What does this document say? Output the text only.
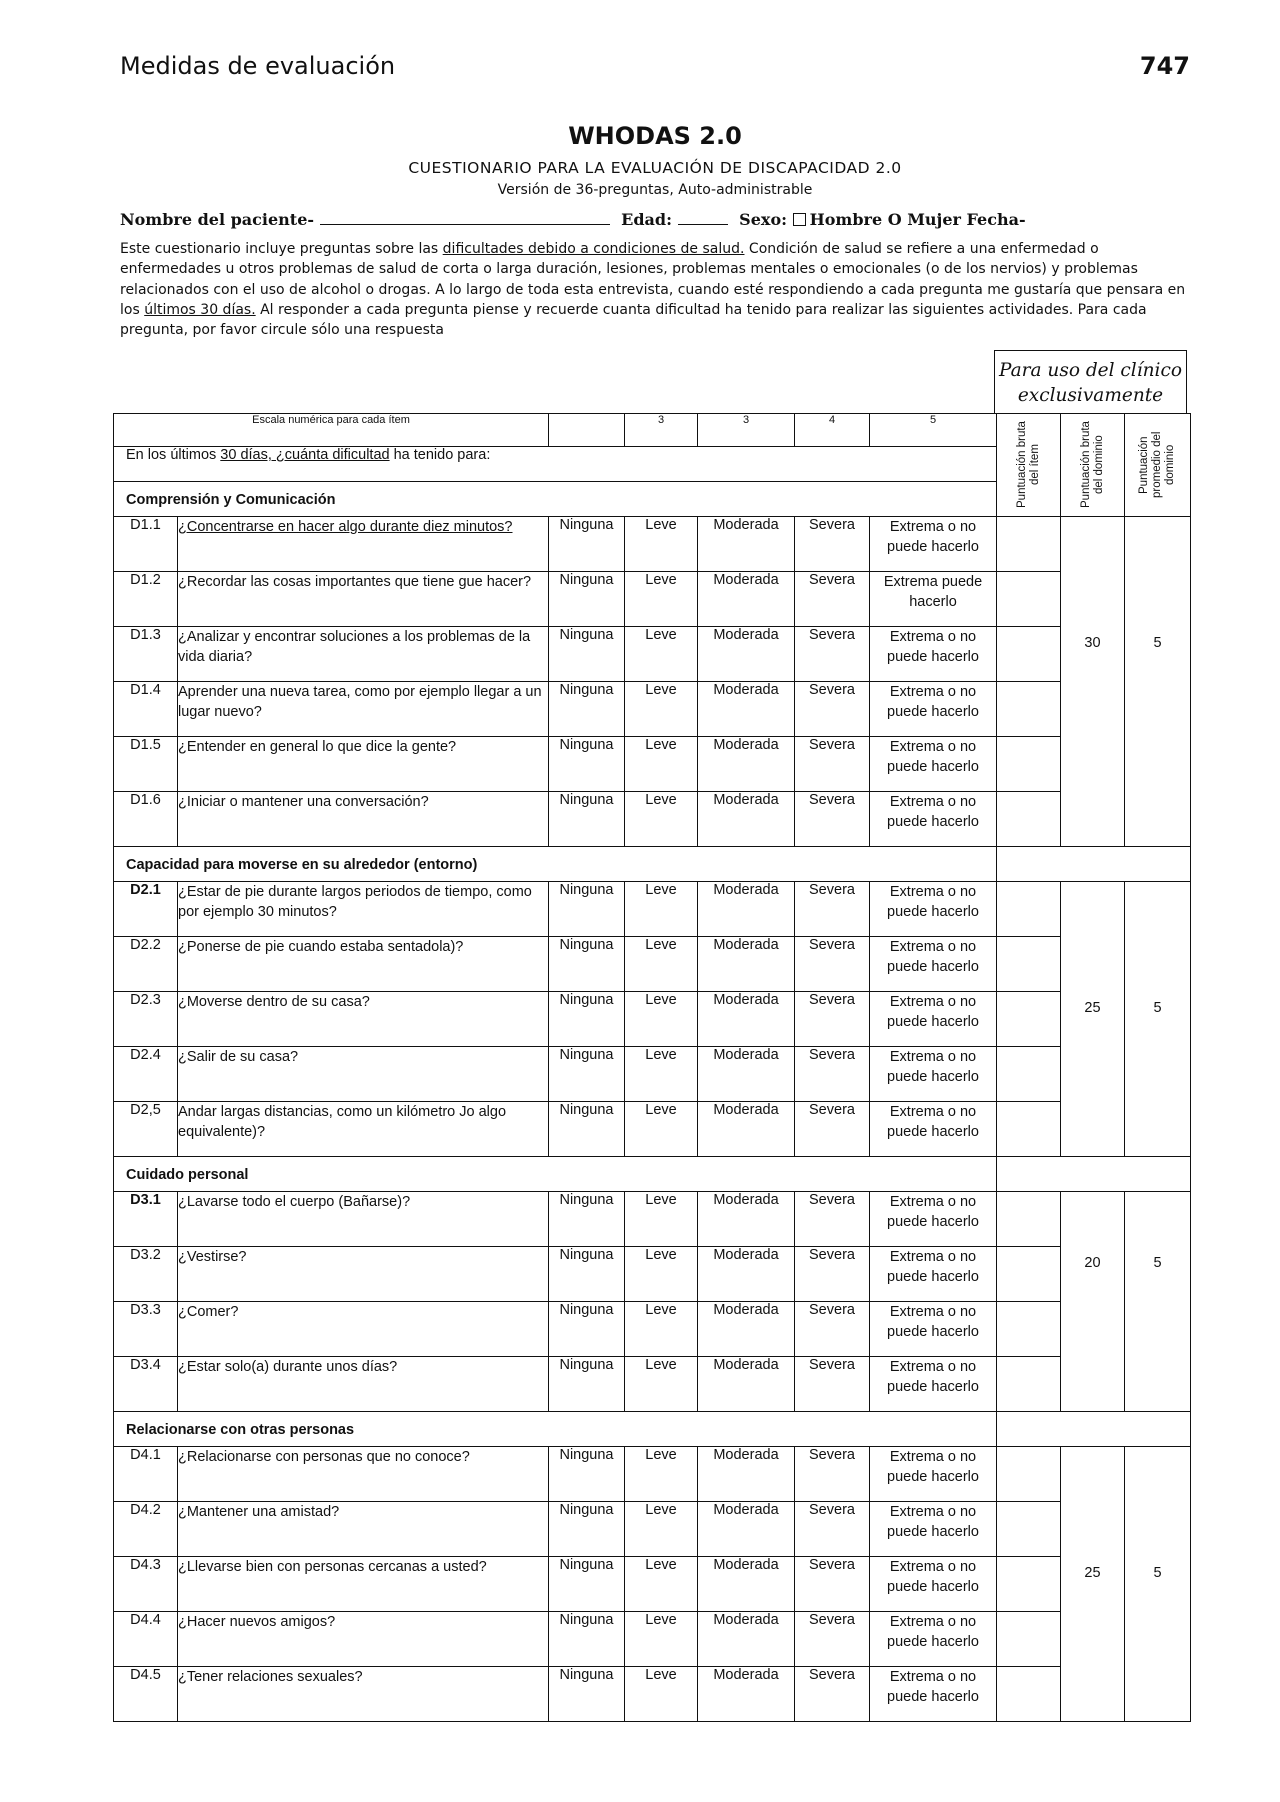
Medidas de evaluación	747
WHODAS 2.0
CUESTIONARIO PARA LA EVALUACIÓN DE DISCAPACIDAD 2.0
Versión de 36-preguntas, Auto-administrable
Nombre del paciente-	Edad:	Sexo: Hombre O Mujer Fecha-
Este cuestionario incluye preguntas sobre las dificultades debido a condiciones de salud. Condición de salud se refiere a una enfermedad o enfermedades u otros problemas de salud de corta o larga duración, lesiones, problemas mentales o emocionales (o de los nervios) y problemas relacionados con el uso de alcohol o drogas. A lo largo de toda esta entrevista, cuando esté respondiendo a cada pregunta me gustaría que pensara en los últimos 30 días. Al responder a cada pregunta piense y recuerde cuanta dificultad ha tenido para realizar las siguientes actividades. Para cada pregunta, por favor circule sólo una respuesta
Para uso del clínico exclusivamente
Escala numérica para cada ítem			3	3	4	5	Puntuación bruta del ítem	Puntuación bruta del dominio	Puntuación promedio del dominio
En los últimos 30 días, ¿cuánta dificultad ha tenido para:									
Comprensión y Comunicación									
D1.1	¿Concentrarse en hacer algo durante diez minutos?	Ninguna	Leve	Moderada	Severa	Extrema o no puede hacerlo		30	5
D1.2	¿Recordar las cosas importantes que tiene gue hacer?	Ninguna	Leve	Moderada	Severa	Extrema puede hacerlo			
D1.3	¿Analizar y encontrar soluciones a los problemas de la vida diaria?	Ninguna	Leve	Moderada	Severa	Extrema o no puede hacerlo			
D1.4	Aprender una nueva tarea, como por ejemplo llegar a un lugar nuevo?	Ninguna	Leve	Moderada	Severa	Extrema o no puede hacerlo			
D1.5	¿Entender en general lo que dice la gente?	Ninguna	Leve	Moderada	Severa	Extrema o no puede hacerlo			
D1.6	¿Iniciar o mantener una conversación?	Ninguna	Leve	Moderada	Severa	Extrema o no puede hacerlo			
Capacidad para moverse en su alrededor (entorno)									
D2.1	¿Estar de pie durante largos periodos de tiempo, como por ejemplo 30 minutos?	Ninguna	Leve	Moderada	Severa	Extrema o no puede hacerlo		25	5
D2.2	¿Ponerse de pie cuando estaba sentadola)?	Ninguna	Leve	Moderada	Severa	Extrema o no puede hacerlo			
D2.3	¿Moverse dentro de su casa?	Ninguna	Leve	Moderada	Severa	Extrema o no puede hacerlo			
D2.4	¿Salir de su casa?	Ninguna	Leve	Moderada	Severa	Extrema o no puede hacerlo			
D2,5	Andar largas distancias, como un kilómetro Jo algo equivalente)?	Ninguna	Leve	Moderada	Severa	Extrema o no puede hacerlo			
Cuidado personal									
D3.1	¿Lavarse todo el cuerpo (Bañarse)?	Ninguna	Leve	Moderada	Severa	Extrema o no puede hacerlo		20	5
D3.2	¿Vestirse?	Ninguna	Leve	Moderada	Severa	Extrema o no puede hacerlo			
D3.3	¿Comer?	Ninguna	Leve	Moderada	Severa	Extrema o no puede hacerlo			
D3.4	¿Estar solo(a) durante unos días?	Ninguna	Leve	Moderada	Severa	Extrema o no puede hacerlo			
Relacionarse con otras personas									
D4.1	¿Relacionarse con personas que no conoce?	Ninguna	Leve	Moderada	Severa	Extrema o no puede hacerlo		25	5
D4.2	¿Mantener una amistad?	Ninguna	Leve	Moderada	Severa	Extrema o no puede hacerlo			
D4.3	¿Llevarse bien con personas cercanas a usted?	Ninguna	Leve	Moderada	Severa	Extrema o no puede hacerlo			
D4.4	¿Hacer nuevos amigos?	Ninguna	Leve	Moderada	Severa	Extrema o no puede hacerlo			
D4.5	¿Tener relaciones sexuales?	Ninguna	Leve	Moderada	Severa	Extrema o no puede hacerlo			
